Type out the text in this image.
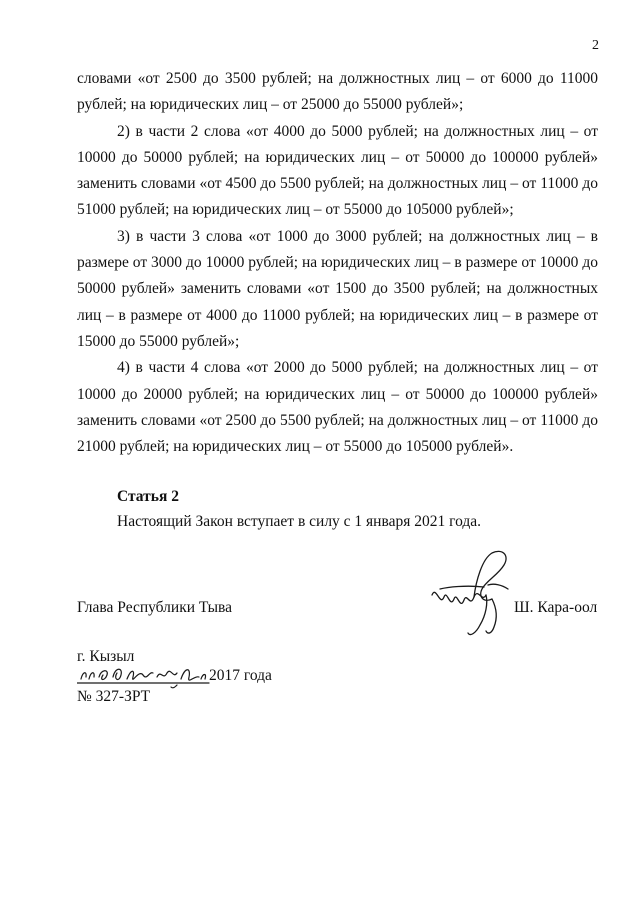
2

словами «от 2500 до 3500 рублей; на должностных лиц – от 6000 до 11000 рублей; на юридических лиц – от 25000 до 55000 рублей»;

2) в части 2 слова «от 4000 до 5000 рублей; на должностных лиц – от 10000 до 50000 рублей; на юридических лиц – от 50000 до 100000 рублей» заменить словами «от 4500 до 5500 рублей; на должностных лиц – от 11000 до 51000 рублей; на юридических лиц – от 55000 до 105000 рублей»;

3) в части 3 слова «от 1000 до 3000 рублей; на должностных лиц – в размере от 3000 до 10000 рублей; на юридических лиц – в размере от 10000 до 50000 рублей» заменить словами «от 1500 до 3500 рублей; на должностных лиц – в размере от 4000 до 11000 рублей; на юридических лиц – в размере от 15000 до 55000 рублей»;

4) в части 4 слова «от 2000 до 5000 рублей; на должностных лиц – от 10000 до 20000 рублей; на юридических лиц – от 50000 до 100000 рублей» заменить словами «от 2500 до 5500 рублей; на должностных лиц – от 11000 до 21000 рублей; на юридических лиц – от 55000 до 105000 рублей».

Статья 2
Настоящий Закон вступает в силу с 1 января 2021 года.
Глава Республики Тыва	Ш. Кара-оол
г. Кызыл
2017 года
№ 327-ЗРТ
